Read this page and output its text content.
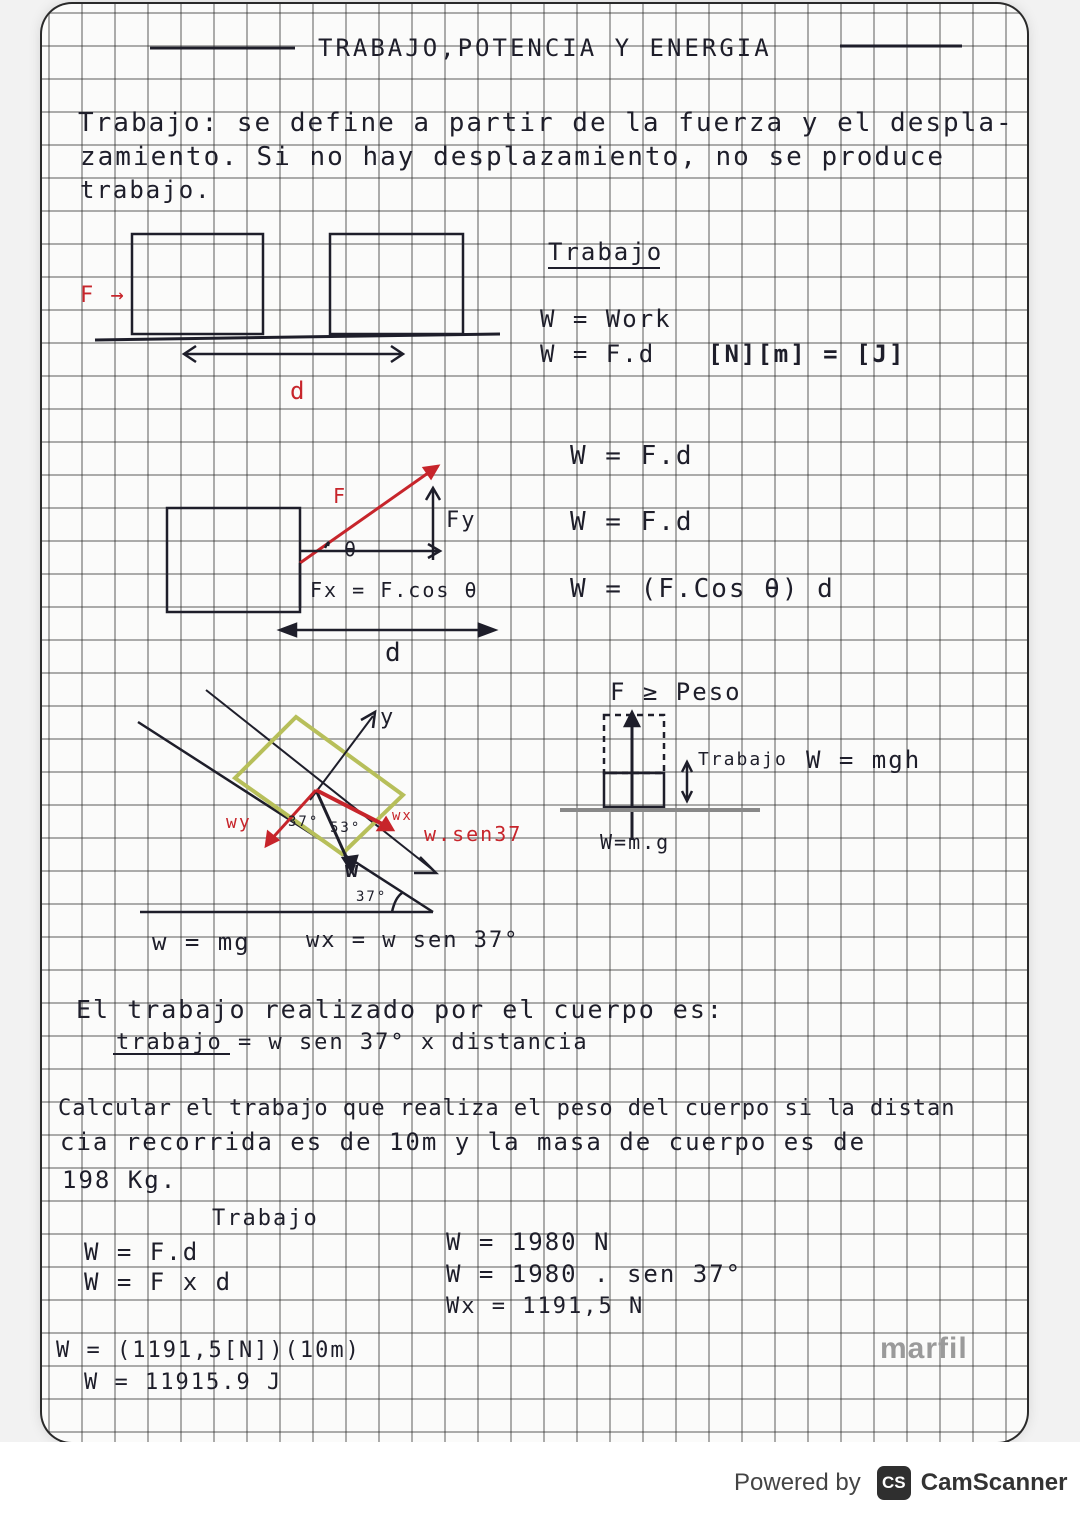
TRABAJO,POTENCIA Y ENERGIA
Trabajo: se define a partir de la fuerza y el despla-
zamiento. Si no hay desplazamiento, no se produce
trabajo.
F →
d
Trabajo
W = Work
W = F.d [N][m] = [J]
F
Fy
θ
Fx = F.cos θ
d
W = F.d
W = F.d
W = (F.Cos θ) d
F ≥ Peso
Trabajo W = mgh
W=m.g
y
wy	37° 53°
wx
w.sen37
w
37°
w = mg	wx = w sen 37°
El trabajo realizado por el cuerpo es:
trabajo = w sen 37° x distancia
Calcular el trabajo que realiza el peso del cuerpo si la distan
cia recorrida es de 10m y la masa de cuerpo es de
198 Kg.
Trabajo
W = F.d
W = F x d
W = 1980 N
W = 1980 . sen 37°
Wx = 1191,5 N
W = (1191,5[N])(10m)
W = 11915.9 J
marfil
Powered by	CS CamScanner
